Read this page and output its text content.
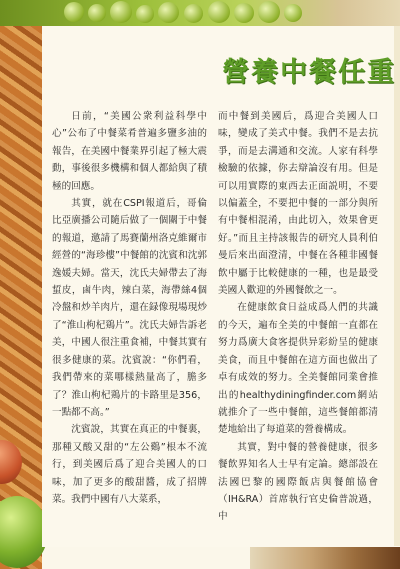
營養中餐任重

日前，“美國公衆利益科學中心”公布了中餐菜肴普遍多鹽多油的報告，在美國中餐業界引起了極大震動，事後很多機構和個人都給與了積極的回應。

其實，就在CSPI報道后，哥倫比亞廣播公司隨后做了一個關于中餐的報道，邀請了馬賽蘭州洛克維爾市經營的“海珍樓”中餐館的沈賓和沈郭逸媛夫婦。當天，沈氏夫婦帶去了海蜇皮，鹵牛肉，辣白菜，海帶絲4個冷盤和炒羊肉片，還在録像現場現炒了“淮山枸杞鶏片”。沈氏夫婦告訴老美，中國人很注重食補，中餐其實有很多健康的菜。沈賓說：“你們看，我們帶來的菜哪樣熱量高了，膽多了？淮山枸杞鶏片的卡路里是356，一點都不高。”

沈賓說，其實在真正的中餐裏，那種又酸又甜的“左公鷄”根本不流行，到美國后爲了迎合美國人的口味，加了更多的酸甜醬，成了招牌菜。我們中國有八大菜系，

而中餐到美國后，爲迎合美國人口味，變成了美式中餐。我們不是去抗爭，而是去溝通和交流。人家有科學檢驗的依據，你去辯論沒有用。但是可以用實際的東西去正面説明，不要以偏蓋全，不要把中餐的一部分與所有中餐相混淆，由此切入，效果會更好。”而且主持該報告的研究人員利伯曼后來出面澄清，中餐在各種非國餐飲中屬于比較健康的一種，也是最受美國人歡迎的外國餐飲之一。

在健康飲食日益成爲人們的共識的今天，遍布全美的中餐館一直都在努力爲廣大食客提供异彩紛呈的健康美食，而且中餐館在這方面也做出了卓有成效的努力。全美餐館同業會推出的healthydiningfinder.com網站就推介了一些中餐館，這些餐館都清楚地給出了每道菜的營養構成。

其實，對中餐的營養健康，很多餐飲界知名人士早有定論。總部設在法國巴黎的國際飯店與餐館協會（IH&RA）首席執行官史倫普說過，中
